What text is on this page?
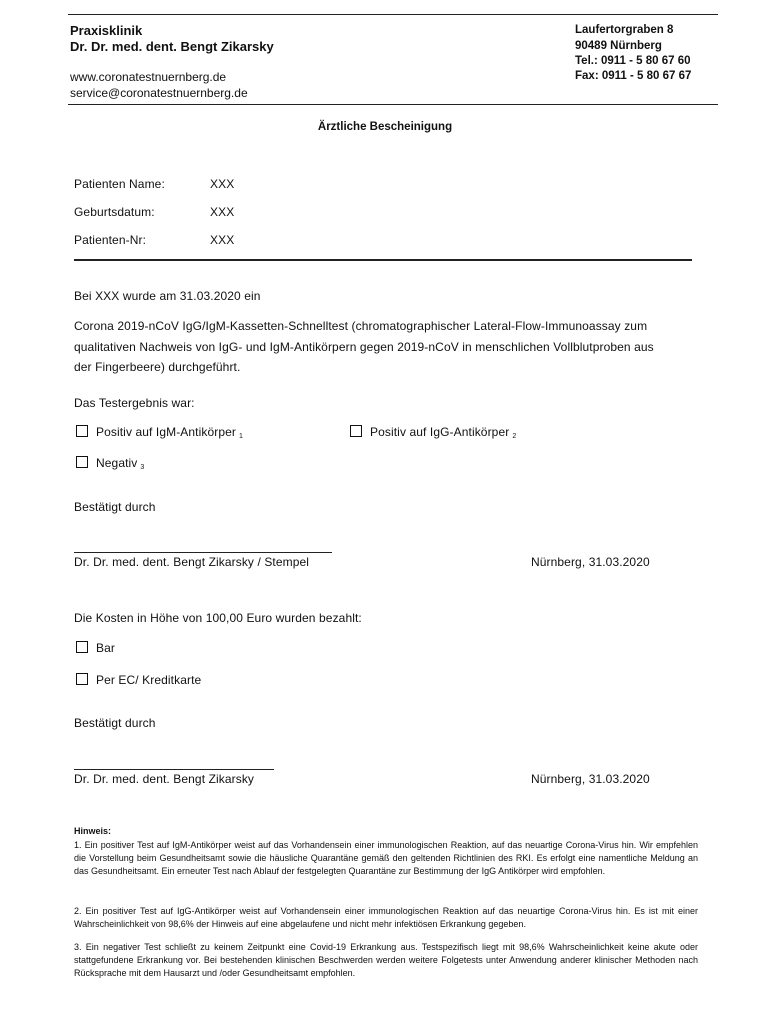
Praxisklinik
Dr. Dr. med. dent. Bengt Zikarsky
www.coronatestnuernberg.de
service@coronatestnuernberg.de
Laufertorgraben 8
90489 Nürnberg
Tel.: 0911 - 5 80 67 60
Fax: 0911 - 5 80 67 67
Ärztliche Bescheinigung
Patienten Name:	XXX
Geburtsdatum:	XXX
Patienten-Nr:	XXX
Bei XXX wurde am 31.03.2020 ein
Corona 2019-nCoV IgG/IgM-Kassetten-Schnelltest (chromatographischer Lateral-Flow-Immunoassay zum
qualitativen Nachweis von IgG- und IgM-Antikörpern gegen 2019-nCoV in menschlichen Vollblutproben aus
der Fingerbeere) durchgeführt.
Das Testergebnis war:
Positiv auf IgM-Antikörper $_1$	Positiv auf IgG-Antikörper $_2$
Negativ $_3$
Bestätigt durch
Dr. Dr. med. dent. Bengt Zikarsky / Stempel	Nürnberg, 31.03.2020
Die Kosten in Höhe von 100,00 Euro wurden bezahlt:
Bar
Per EC/ Kreditkarte
Bestätigt durch
Dr. Dr. med. dent. Bengt Zikarsky	Nürnberg, 31.03.2020
Hinweis:
1. Ein positiver Test auf IgM-Antikörper weist auf das Vorhandensein einer immunologischen Reaktion, auf das neuartige Corona-Virus hin. Wir empfehlen die Vorstellung beim Gesundheitsamt sowie die häusliche Quarantäne gemäß den geltenden Richtlinien des RKI. Es erfolgt eine namentliche Meldung an das Gesundheitsamt. Ein erneuter Test nach Ablauf der festgelegten Quarantäne zur Bestimmung der IgG Antikörper wird empfohlen.
2. Ein positiver Test auf IgG-Antikörper weist auf Vorhandensein einer immunologischen Reaktion auf das neuartige Corona-Virus hin. Es ist mit einer Wahrscheinlichkeit von 98,6% der Hinweis auf eine abgelaufene und nicht mehr infektiösen Erkrankung gegeben.
3. Ein negativer Test schließt zu keinem Zeitpunkt eine Covid-19 Erkrankung aus. Testspezifisch liegt mit 98,6% Wahrscheinlichkeit keine akute oder stattgefundene Erkrankung vor. Bei bestehenden klinischen Beschwerden werden weitere Folgetests unter Anwendung anderer klinischer Methoden nach Rücksprache mit dem Hausarzt und /oder Gesundheitsamt empfohlen.
